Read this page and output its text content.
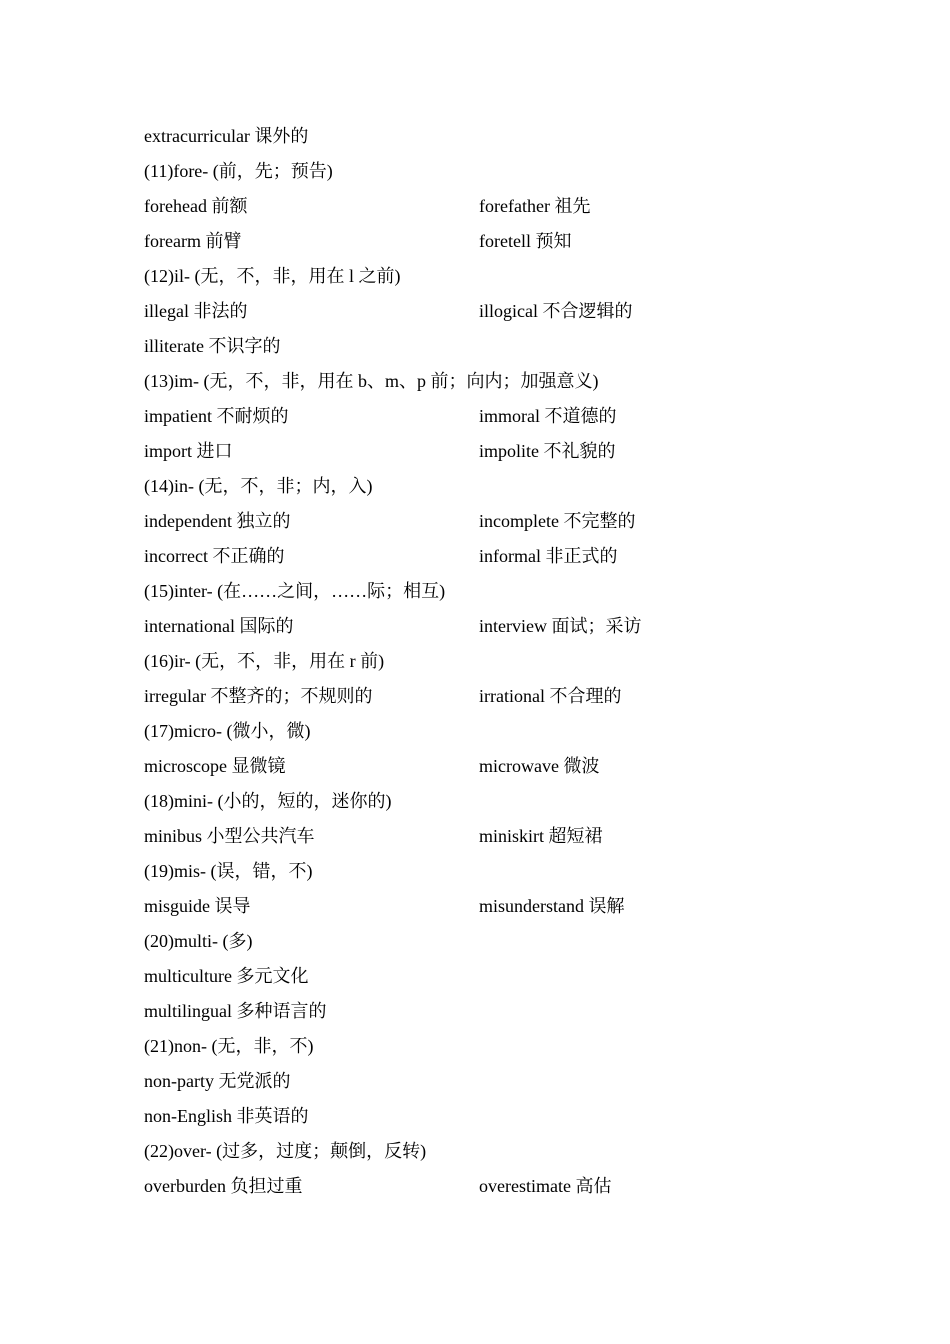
extracurricular 课外的
(11)fore- (前，先；预告)
forehead 前额	forefather 祖先
forearm 前臂	foretell 预知
(12)il- (无，不，非，用在 l 之前)
illegal 非法的	illogical 不合逻辑的
illiterate 不识字的
(13)im- (无，不，非，用在 b、m、p 前；向内；加强意义)
impatient 不耐烦的	immoral 不道德的
import 进口	impolite 不礼貌的
(14)in- (无，不，非；内，入)
independent 独立的	incomplete 不完整的
incorrect 不正确的	informal 非正式的
(15)inter- (在……之间，……际；相互)
international 国际的	interview 面试；采访
(16)ir- (无，不，非，用在 r 前)
irregular 不整齐的；不规则的	irrational 不合理的
(17)micro- (微小，微)
microscope 显微镜	microwave 微波
(18)mini- (小的，短的，迷你的)
minibus 小型公共汽车	miniskirt 超短裙
(19)mis- (误，错，不)
misguide 误导	misunderstand 误解
(20)multi- (多)
multiculture 多元文化
multilingual 多种语言的
(21)non- (无，非，不)
non-party 无党派的
non-English 非英语的
(22)over- (过多，过度；颠倒，反转)
overburden 负担过重	overestimate 高估
